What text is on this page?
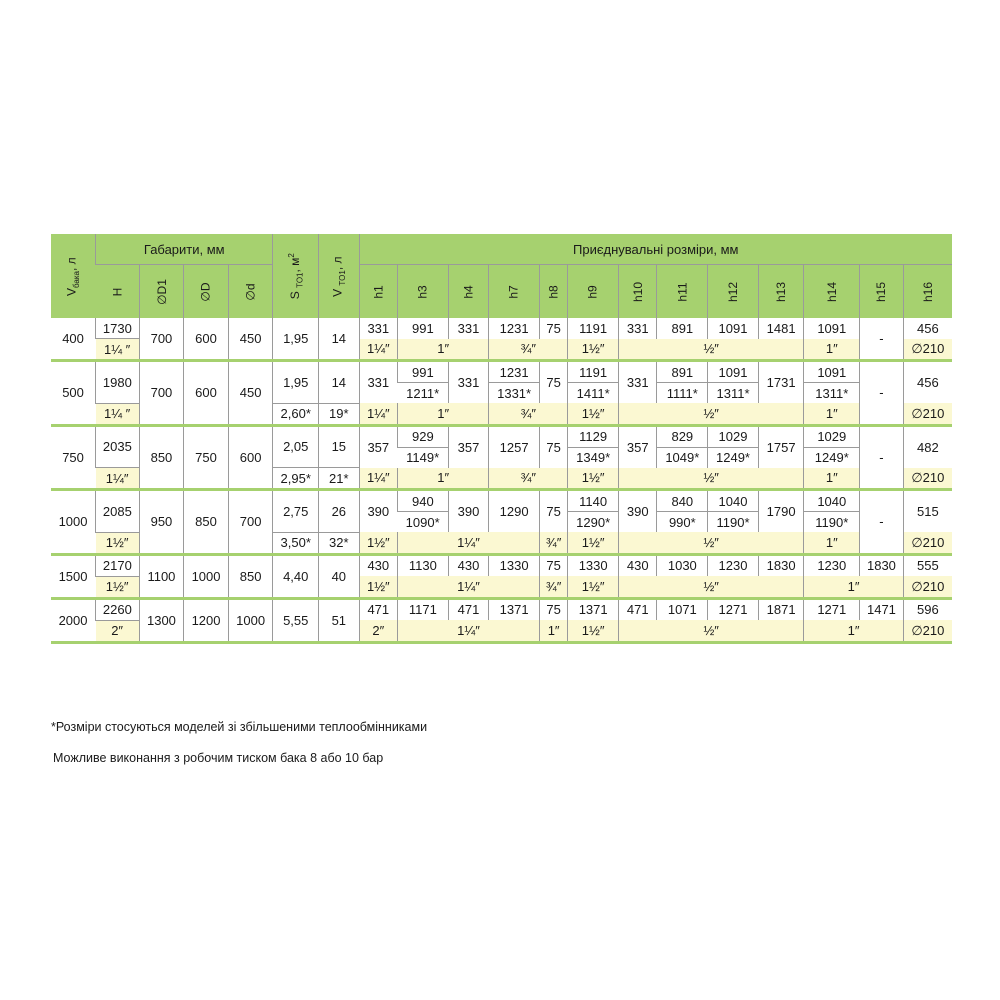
$V_{бака}$, л	Габарити, мм				S $_{TO1}$, $м^2$	V $_{TO1}$, л	Приєднувальні розміри, мм												
	H	∅D1	∅D	∅d			h1	h3	h4	h7	h8	h9	h10	h11	h12	h13	h14	h15	h16
400	1730	700	600	450	1,95	14	331	991	331	1231	75	1191	331	891	1091	1481	1091	-	456
	1¼ ″						1¼″	1″		¾″		1½″	½″				1″		∅210
500	1980	700	600	450	1,95	14	331	991	331	1231	75	1191	331	891	1091	1731	1091	-	456
								1211*		1331*		1411*		1111*	1311*		1311*		
	1¼ ″				2,60*	19*	1¼″	1″		¾″		1½″	½″				1″		∅210
750	2035	850	750	600	2,05	15	357	929	357	1257	75	1129	357	829	1029	1757	1029	-	482
								1149*				1349*		1049*	1249*		1249*		
	1¼″				2,95*	21*	1¼″	1″		¾″		1½″	½″				1″		∅210
1000	2085	950	850	700	2,75	26	390	940	390	1290	75	1140	390	840	1040	1790	1040	-	515
								1090*				1290*		990*	1190*		1190*		
	1½″				3,50*	32*	1½″	1¼″			¾″	1½″	½″				1″		∅210
1500	2170	1100	1000	850	4,40	40	430	1130	430	1330	75	1330	430	1030	1230	1830	1230	1830	555
	1½″						1½″	1¼″			¾″	1½″	½″				1″		∅210
2000	2260	1300	1200	1000	5,55	51	471	1171	471	1371	75	1371	471	1071	1271	1871	1271	1471	596
	2″						2″	1¼″			1″	1½″	½″				1″		∅210

*Розміри стосуються моделей зі збільшеними теплообмінниками
Можливе виконання з робочим тиском бака 8 або 10 бар
